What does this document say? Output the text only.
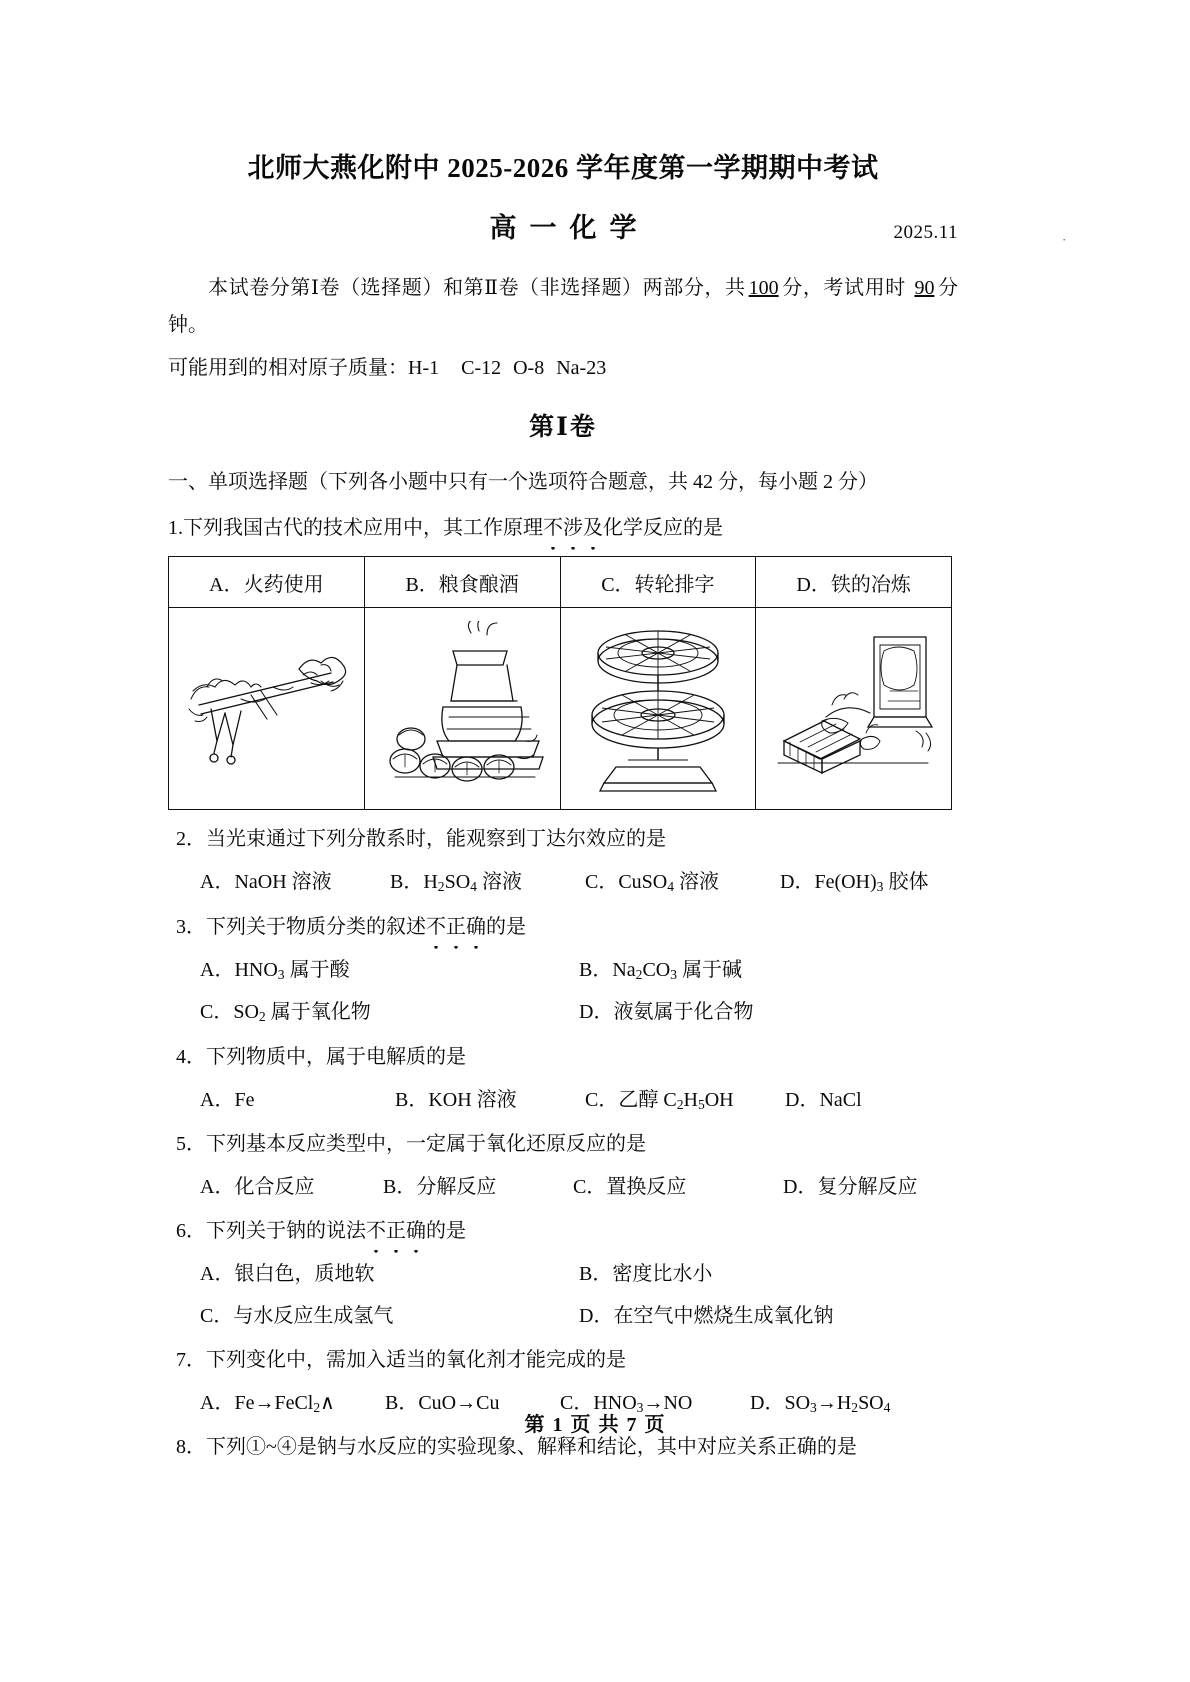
·
北师大燕化附中 2025-2026 学年度第一学期期中考试
高一化学	2025.11
本试卷分第Ⅰ卷（选择题）和第Ⅱ卷（非选择题）两部分，共 100 分，考试用时 90 分钟。
可能用到的相对原子质量：H-1 C-12 O-8 Na-23
第Ⅰ卷
一、单项选择题（下列各小题中只有一个选项符合题意，共 42 分，每小题 2 分）
1.下列我国古代的技术应用中，其工作原理不涉及化学反应的是
A．火药使用	B．粮食酿酒	C．转轮排字	D．铁的冶炼

2．当光束通过下列分散系时，能观察到丁达尔效应的是
A．NaOH 溶液	B．$H_2SO_4$ 溶液	C．CuSO$_4$ 溶液	D．$Fe(OH)_3$ 胶体
3．下列关于物质分类的叙述不正确的是
A．$HNO_3$ 属于酸	B．$Na_2CO_3$ 属于碱
C．$SO_2$ 属于氧化物	D．液氨属于化合物
4．下列物质中，属于电解质的是
A．Fe	B．KOH 溶液	C．乙醇 $C_2H_5OH$	D．NaCl
5．下列基本反应类型中，一定属于氧化还原反应的是
A．化合反应	B．分解反应	C．置换反应	D．复分解反应
6．下列关于钠的说法不正确的是
A．银白色，质地软	B．密度比水小
C．与水反应生成氢气	D．在空气中燃烧生成氧化钠
7．下列变化中，需加入适当的氧化剂才能完成的是
A．Fe→FeCl$_2$∧	B．CuO→Cu	C．$HNO_3\to NO$	D．$SO_3\to H_2SO_4$
8．下列①~④是钠与水反应的实验现象、解释和结论，其中对应关系正确的是
第 1 页 共 7 页
